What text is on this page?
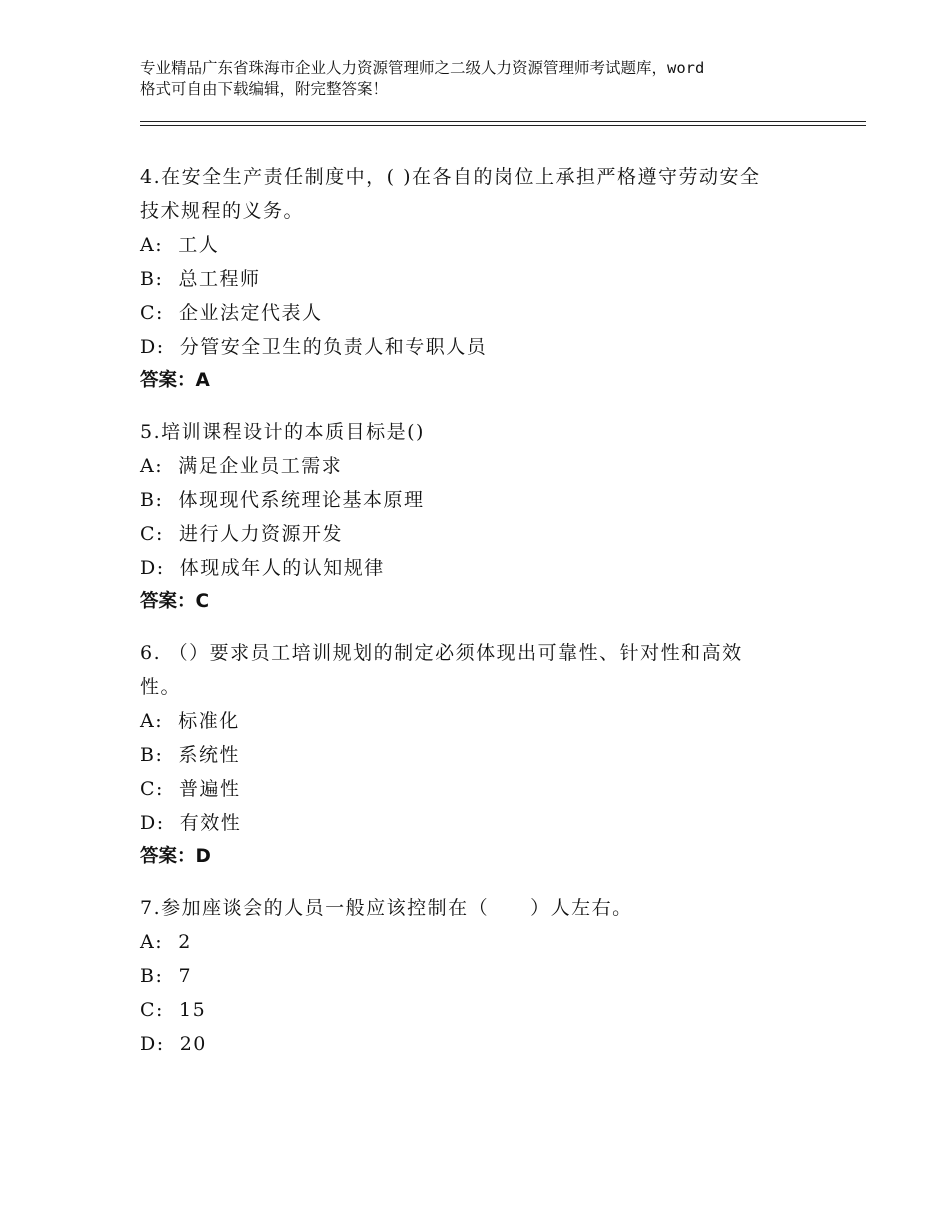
专业精品广东省珠海市企业人力资源管理师之二级人力资源管理师考试题库，word
格式可自由下载编辑，附完整答案！
4.在安全生产责任制度中，( )在各自的岗位上承担严格遵守劳动安全
技术规程的义务。
A:  工人
B:  总工程师
C:  企业法定代表人
D:  分管安全卫生的负责人和专职人员
答案：A
5.培训课程设计的本质目标是()
A:  满足企业员工需求
B:  体现现代系统理论基本原理
C:  进行人力资源开发
D:  体现成年人的认知规律
答案：C
6. （）要求员工培训规划的制定必须体现出可靠性、针对性和高效
性。
A:  标准化
B:  系统性
C:  普遍性
D:  有效性
答案：D
7.参加座谈会的人员一般应该控制在（　　）人左右。
A:  2
B:  7
C:  15
D:  20
